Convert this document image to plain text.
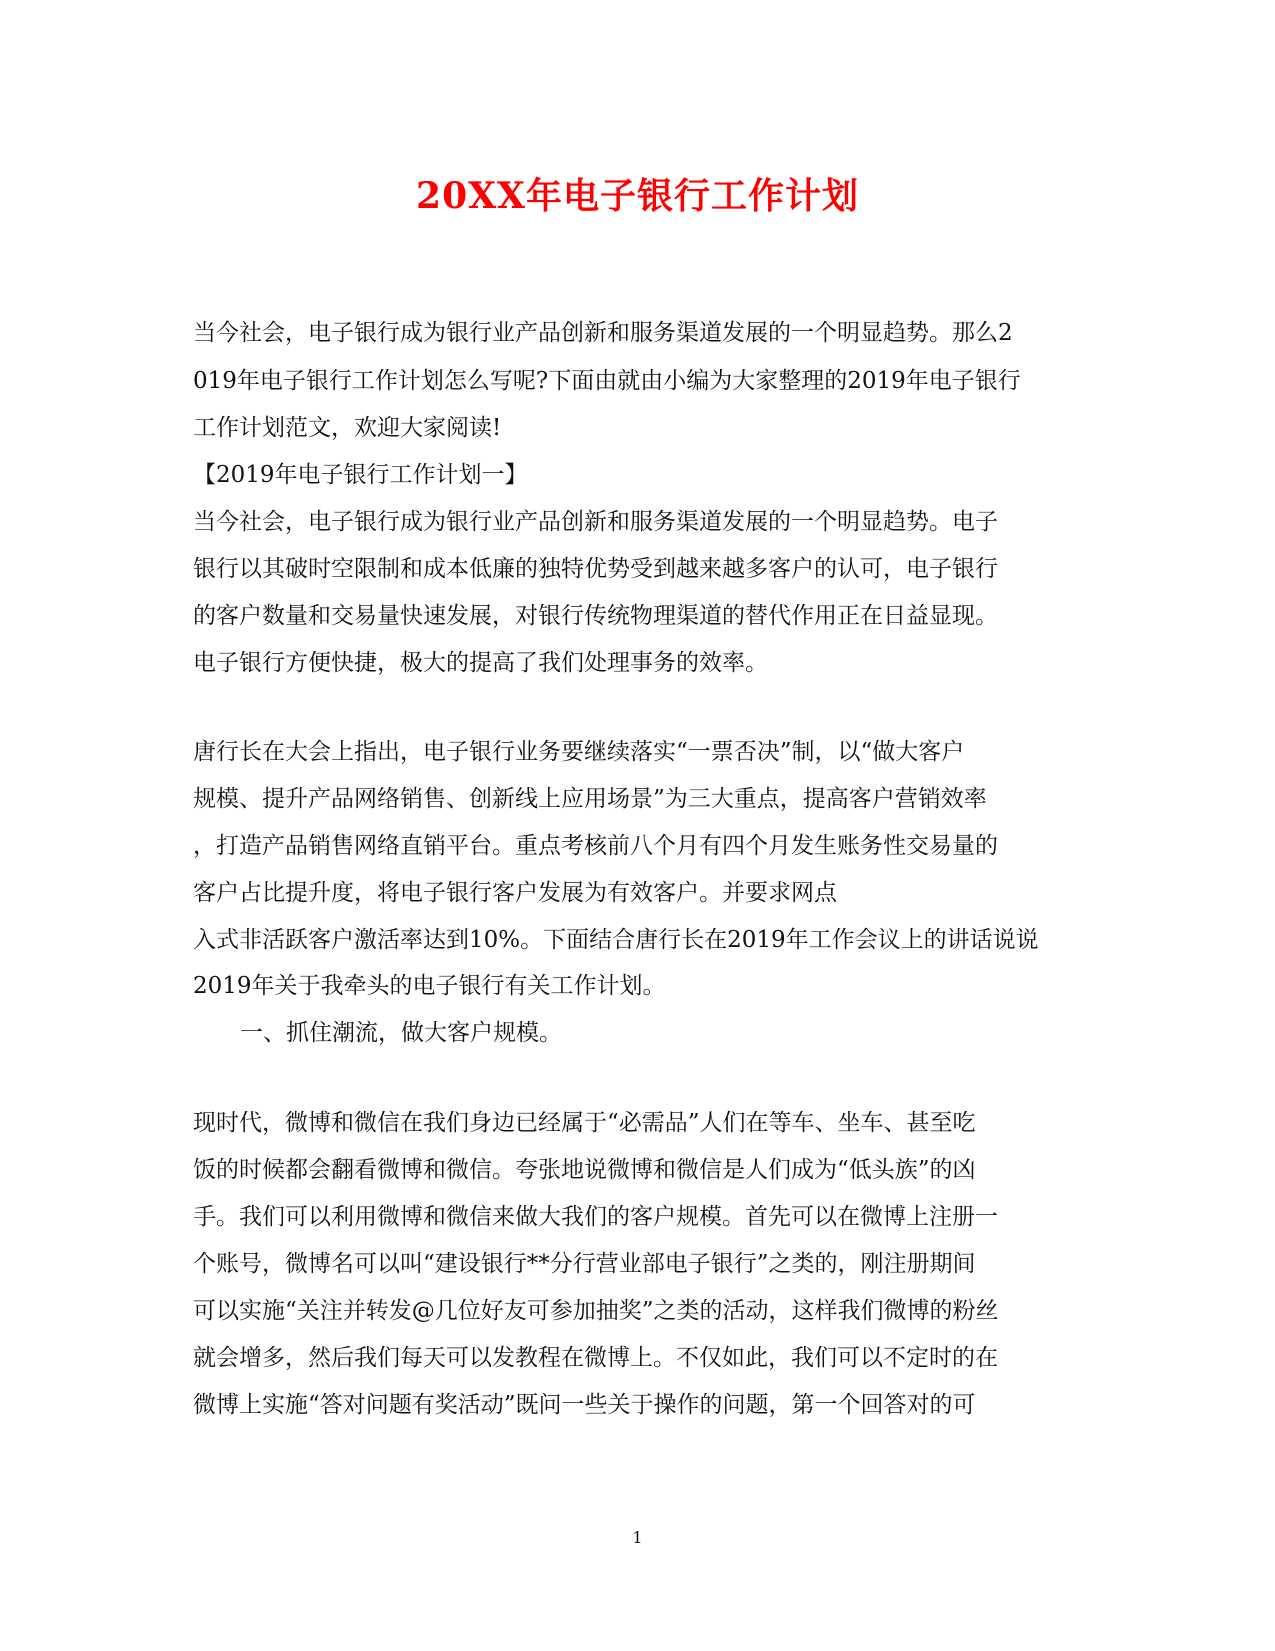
20XX年电子银行工作计划

当今社会，电子银行成为银行业产品创新和服务渠道发展的一个明显趋势。那么2

019年电子银行工作计划怎么写呢?下面由就由小编为大家整理的2019年电子银行

工作计划范文，欢迎大家阅读!

【2019年电子银行工作计划一】

当今社会，电子银行成为银行业产品创新和服务渠道发展的一个明显趋势。电子

银行以其破时空限制和成本低廉的独特优势受到越来越多客户的认可，电子银行

的客户数量和交易量快速发展，对银行传统物理渠道的替代作用正在日益显现。

电子银行方便快捷，极大的提高了我们处理事务的效率。

唐行长在大会上指出，电子银行业务要继续落实“一票否决”制，以“做大客户

规模、提升产品网络销售、创新线上应用场景”为三大重点，提高客户营销效率

，打造产品销售网络直销平台。重点考核前八个月有四个月发生账务性交易量的

客户占比提升度，将电子银行客户发展为有效客户。并要求网点

入式非活跃客户激活率达到10%。下面结合唐行长在2019年工作会议上的讲话说说

2019年关于我牵头的电子银行有关工作计划。

一、抓住潮流，做大客户规模。

现时代，微博和微信在我们身边已经属于“必需品”人们在等车、坐车、甚至吃

饭的时候都会翻看微博和微信。夸张地说微博和微信是人们成为“低头族”的凶

手。我们可以利用微博和微信来做大我们的客户规模。首先可以在微博上注册一

个账号，微博名可以叫“建设银行**分行营业部电子银行”之类的，刚注册期间

可以实施“关注并转发@几位好友可参加抽奖”之类的活动，这样我们微博的粉丝

就会增多，然后我们每天可以发教程在微博上。不仅如此，我们可以不定时的在

微博上实施“答对问题有奖活动”既问一些关于操作的问题，第一个回答对的可

1
